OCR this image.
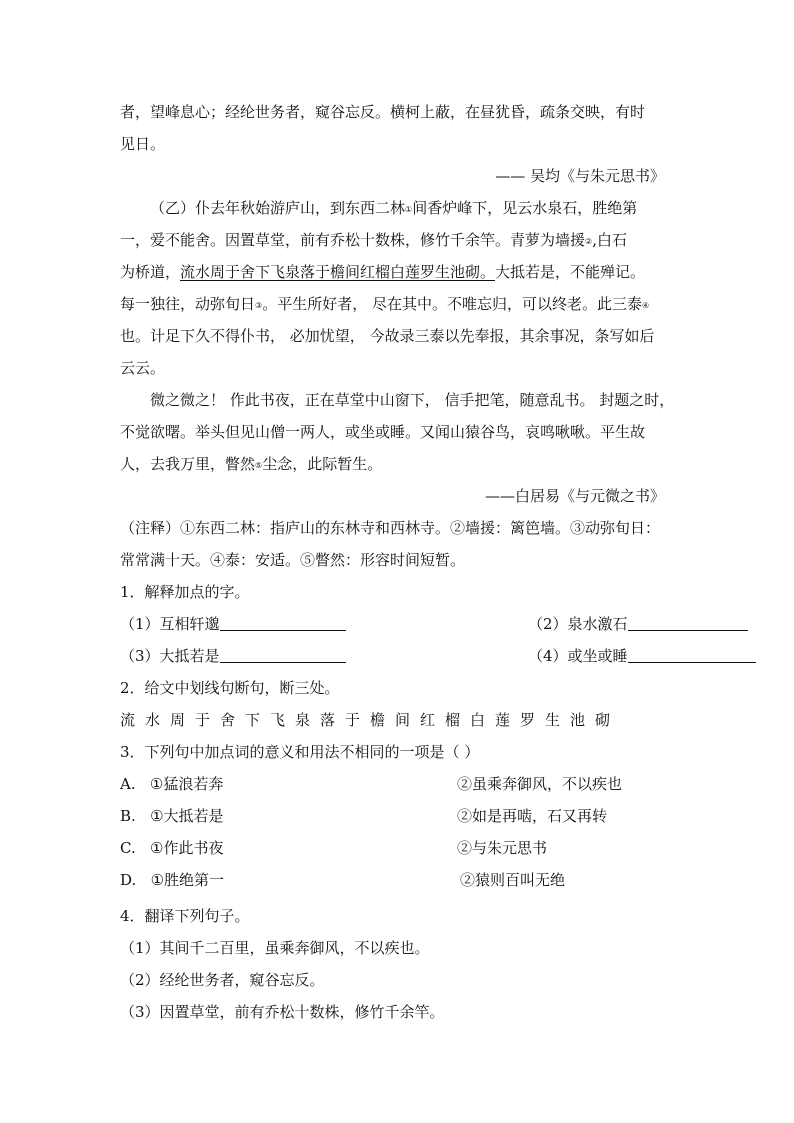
者，望峰息心；经纶世务者，窥谷忘反。横柯上蔽，在昼犹昏，疏条交映，有时
见日。
—— 吴均《与朱元思书》
（乙）仆去年秋始游庐山，到东西二林①间香炉峰下，见云水泉石，胜绝第
一，爱不能舍。因置草堂，前有乔松十数株，修竹千余竿。青萝为墙援②,白石
为桥道，流水周于舍下飞泉落于檐间红榴白莲罗生池砌。大抵若是，不能殚记。
每一独往，动弥旬日③。平生所好者， 尽在其中。不唯忘归，可以终老。此三泰④
也。计足下久不得仆书， 必加忧望， 今故录三泰以先奉报，其余事况，条写如后
云云。
微之微之！ 作此书夜，正在草堂中山窗下， 信手把笔，随意乱书。 封题之时，
不觉欲曙。举头但见山僧一两人，或坐或睡。又闻山猿谷鸟，哀鸣啾啾。平生故
人，去我万里，瞥然⑤尘念，此际暂生。
——白居易《与元微之书》
（注释）①东西二林：指庐山的东林寺和西林寺。②墙援：篱笆墙。③动弥旬日：
常常满十天。④泰：安适。⑤瞥然：形容时间短暂。
1．解释加点的字。
（1）互相轩邈	（2）泉水激石
（3）大抵若是	（4）或坐或睡
2．给文中划线句断句，断三处。
流水周于舍下飞泉落于檐间红榴白莲罗生池砌
3．下列句中加点词的意义和用法不相同的一项是（ ）
A. ①猛浪若奔	②虽乘奔御风，不以疾也
B. ①大抵若是	②如是再啮，石又再转
C. ①作此书夜	②与朱元思书
D. ①胜绝第一	②猿则百叫无绝
4．翻译下列句子。
（1）其间千二百里，虽乘奔御风，不以疾也。
（2）经纶世务者，窥谷忘反。
（3）因置草堂，前有乔松十数株，修竹千余竿。
